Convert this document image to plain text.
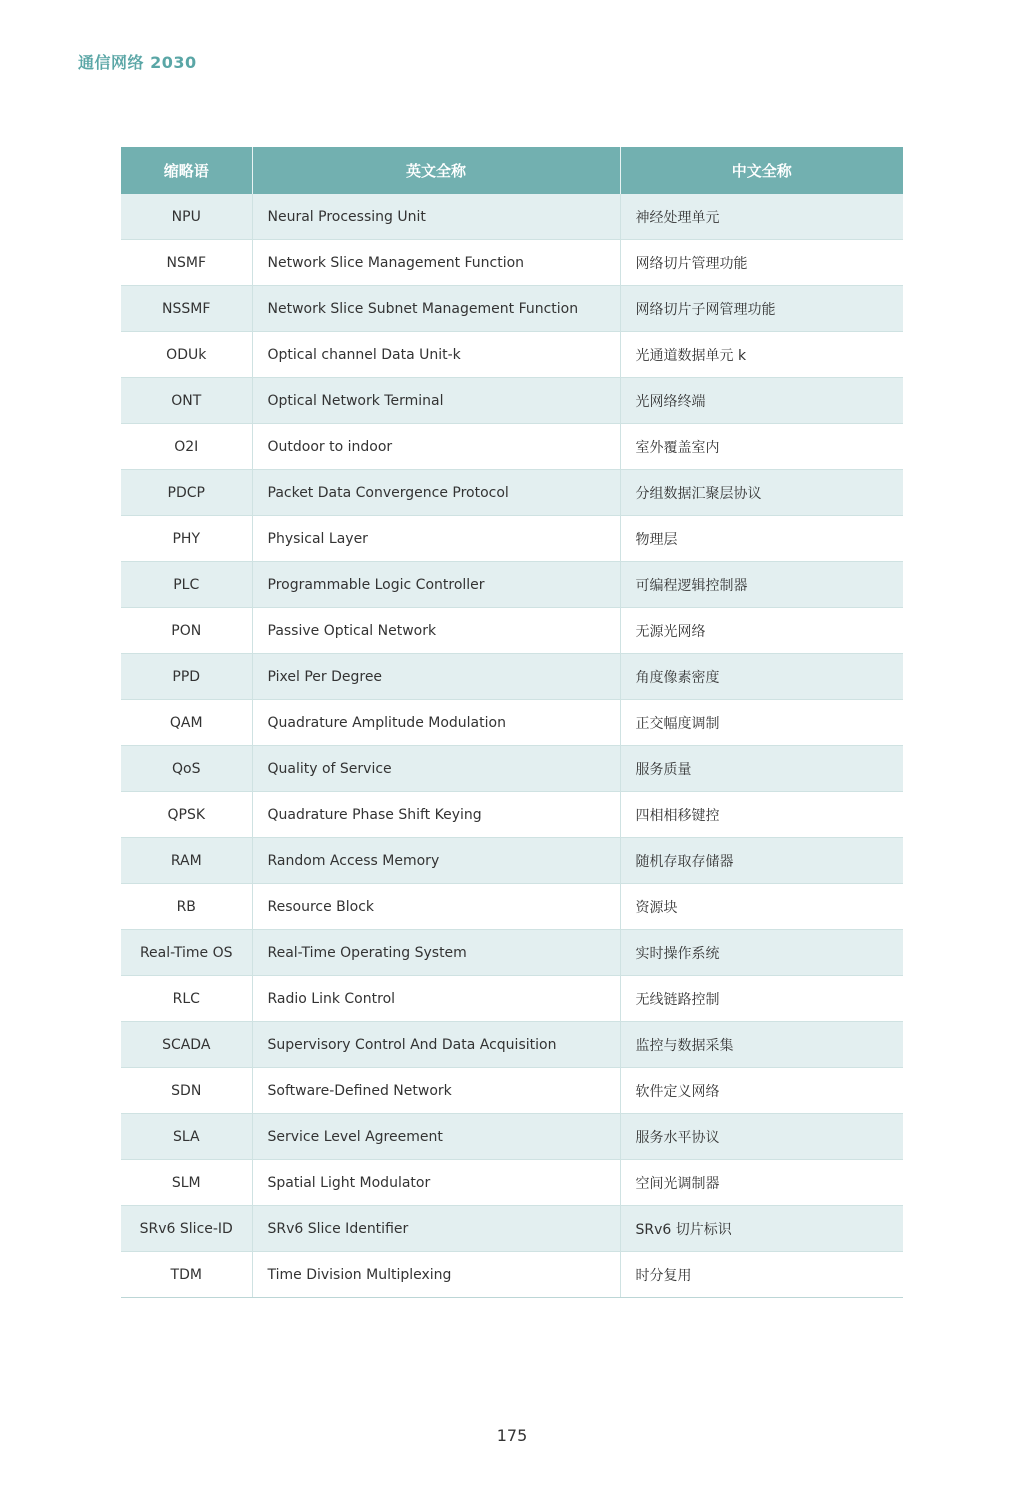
通信网络 2030
缩略语	英文全称	中文全称
NPU	Neural Processing Unit	神经处理单元
NSMF	Network Slice Management Function	网络切片管理功能
NSSMF	Network Slice Subnet Management Function	网络切片子网管理功能
ODUk	Optical channel Data Unit-k	光通道数据单元 k
ONT	Optical Network Terminal	光网络终端
O2I	Outdoor to indoor	室外覆盖室内
PDCP	Packet Data Convergence Protocol	分组数据汇聚层协议
PHY	Physical Layer	物理层
PLC	Programmable Logic Controller	可编程逻辑控制器
PON	Passive Optical Network	无源光网络
PPD	Pixel Per Degree	角度像素密度
QAM	Quadrature Amplitude Modulation	正交幅度调制
QoS	Quality of Service	服务质量
QPSK	Quadrature Phase Shift Keying	四相相移键控
RAM	Random Access Memory	随机存取存储器
RB	Resource Block	资源块
Real-Time OS	Real-Time Operating System	实时操作系统
RLC	Radio Link Control	无线链路控制
SCADA	Supervisory Control And Data Acquisition	监控与数据采集
SDN	Software-Defined Network	软件定义网络
SLA	Service Level Agreement	服务水平协议
SLM	Spatial Light Modulator	空间光调制器
SRv6 Slice-ID	SRv6 Slice Identifier	SRv6 切片标识
TDM	Time Division Multiplexing	时分复用
175
